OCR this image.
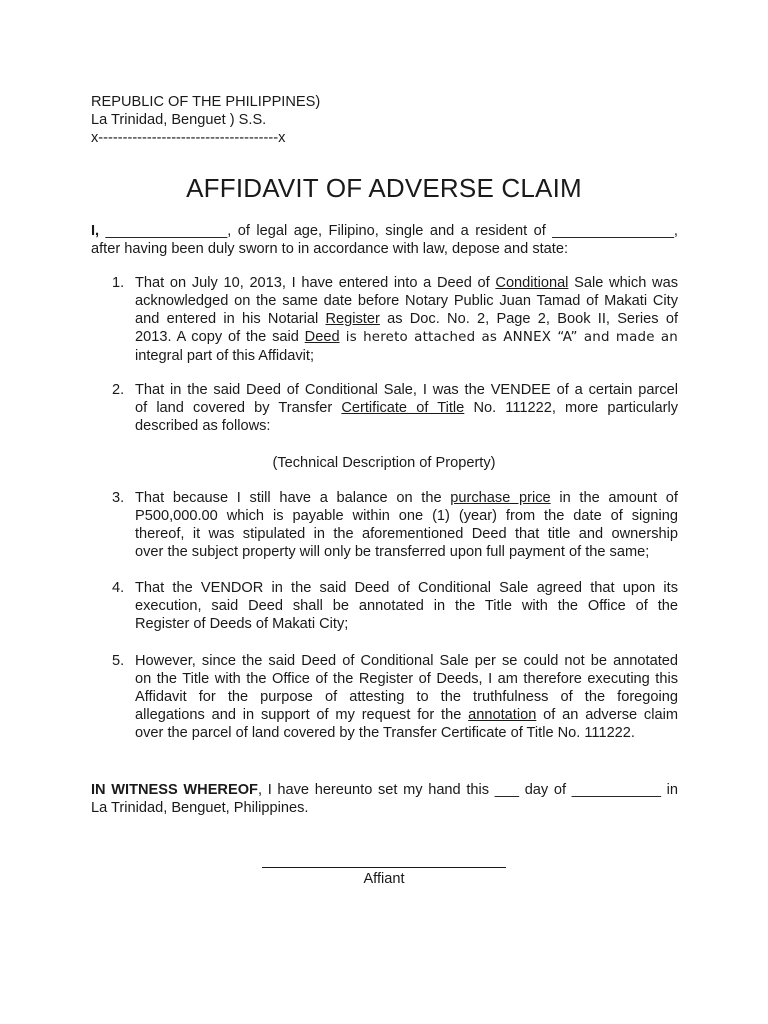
REPUBLIC OF THE PHILIPPINES)
La Trinidad, Benguet ) S.S.
x-------------------------------------x
AFFIDAVIT OF ADVERSE CLAIM
I, _______________, of legal age, Filipino, single and a resident of _______________,
after having been duly sworn to in accordance with law, depose and state:
1. That on July 10, 2013, I have entered into a Deed of Conditional Sale which was
acknowledged on the same date before Notary Public Juan Tamad of Makati City
and entered in his Notarial Register as Doc. No. 2, Page 2, Book II, Series of
2013. A copy of the said Deed is hereto attached as ANNEX “A” and made an
integral part of this Affidavit;
2. That in the said Deed of Conditional Sale, I was the VENDEE of a certain parcel
of land covered by Transfer Certificate of Title No. 111222, more particularly
described as follows:
(Technical Description of Property)
3. That because I still have a balance on the purchase price in the amount of
P500,000.00 which is payable within one (1) (year) from the date of signing
thereof, it was stipulated in the aforementioned Deed that title and ownership
over the subject property will only be transferred upon full payment of the same;
4. That the VENDOR in the said Deed of Conditional Sale agreed that upon its
execution, said Deed shall be annotated in the Title with the Office of the
Register of Deeds of Makati City;
5. However, since the said Deed of Conditional Sale per se could not be annotated
on the Title with the Office of the Register of Deeds, I am therefore executing this
Affidavit for the purpose of attesting to the truthfulness of the foregoing
allegations and in support of my request for the annotation of an adverse claim
over the parcel of land covered by the Transfer Certificate of Title No. 111222.
IN WITNESS WHEREOF, I have hereunto set my hand this ___ day of ___________ in
La Trinidad, Benguet, Philippines.
Affiant
